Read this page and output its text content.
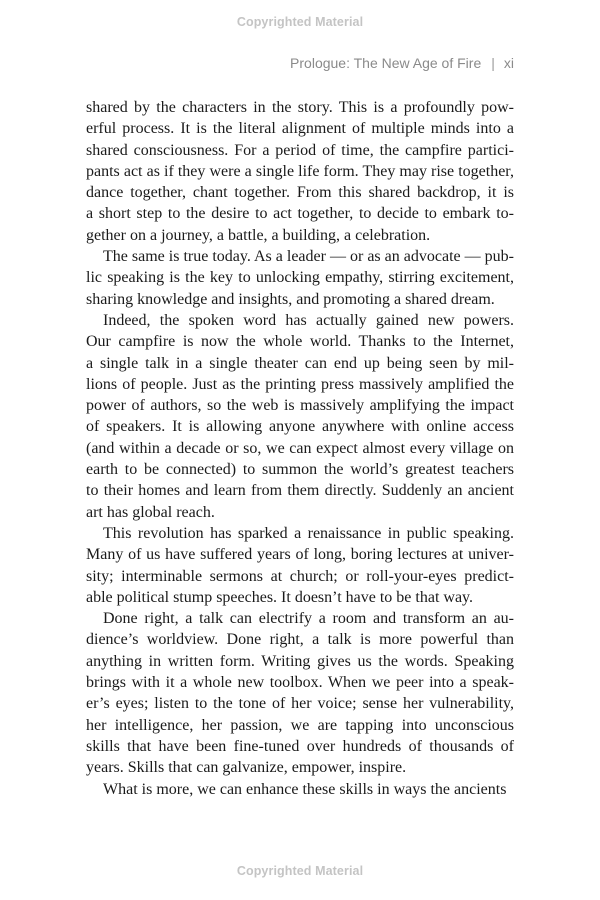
Copyrighted Material
Prologue: The New Age of Fire | xi
shared by the characters in the story. This is a profoundly pow-
erful process. It is the literal alignment of multiple minds into a
shared consciousness. For a period of time, the campfire partici-
pants act as if they were a single life form. They may rise together,
dance together, chant together. From this shared backdrop, it is
a short step to the desire to act together, to decide to embark to-
gether on a journey, a battle, a building, a celebration.
The same is true today. As a leader — or as an advocate — pub-
lic speaking is the key to unlocking empathy, stirring excitement,
sharing knowledge and insights, and promoting a shared dream.
Indeed, the spoken word has actually gained new powers.
Our campfire is now the whole world. Thanks to the Internet,
a single talk in a single theater can end up being seen by mil-
lions of people. Just as the printing press massively amplified the
power of authors, so the web is massively amplifying the impact
of speakers. It is allowing anyone anywhere with online access
(and within a decade or so, we can expect almost every village on
earth to be connected) to summon the world’s greatest teachers
to their homes and learn from them directly. Suddenly an ancient
art has global reach.
This revolution has sparked a renaissance in public speaking.
Many of us have suffered years of long, boring lectures at univer-
sity; interminable sermons at church; or roll-your-eyes predict-
able political stump speeches. It doesn’t have to be that way.
Done right, a talk can electrify a room and transform an au-
dience’s worldview. Done right, a talk is more powerful than
anything in written form. Writing gives us the words. Speaking
brings with it a whole new toolbox. When we peer into a speak-
er’s eyes; listen to the tone of her voice; sense her vulnerability,
her intelligence, her passion, we are tapping into unconscious
skills that have been fine-tuned over hundreds of thousands of
years. Skills that can galvanize, empower, inspire.
What is more, we can enhance these skills in ways the ancients
Copyrighted Material
